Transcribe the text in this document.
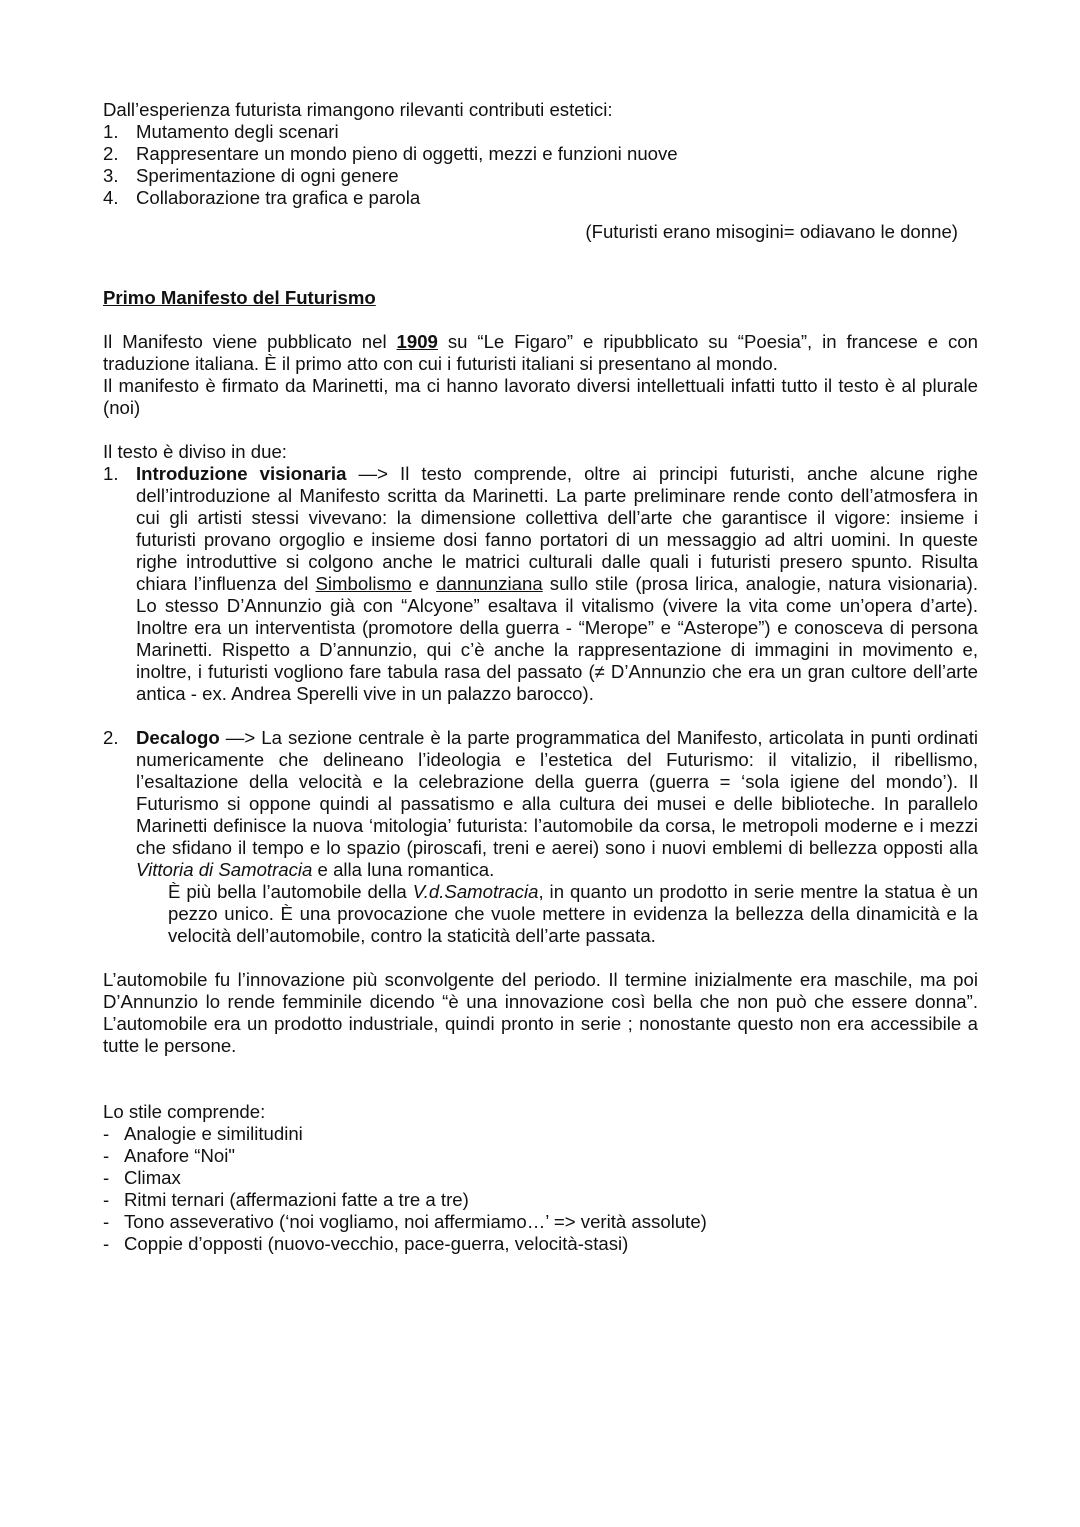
Dall’esperienza futurista rimangono rilevanti contributi estetici:

1. Mutamento degli scenari
2. Rappresentare un mondo pieno di oggetti, mezzi e funzioni nuove
3. Sperimentazione di ogni genere
4. Collaborazione tra grafica e parola

(Futuristi erano misogini= odiavano le donne)

Primo Manifesto del Futurismo

Il Manifesto viene pubblicato nel 1909 su “Le Figaro” e ripubblicato su “Poesia”, in francese e con traduzione italiana. È il primo atto con cui i futuristi italiani si presentano al mondo.
Il manifesto è firmato da Marinetti, ma ci hanno lavorato diversi intellettuali infatti tutto il testo è al plurale (noi)

Il testo è diviso in due:

1. Introduzione visionaria —> Il testo comprende, oltre ai principi futuristi, anche alcune righe dell’introduzione al Manifesto scritta da Marinetti. La parte preliminare rende conto dell’atmosfera in cui gli artisti stessi vivevano: la dimensione collettiva dell’arte che garantisce il vigore: insieme i futuristi provano orgoglio e insieme dosi fanno portatori di un messaggio ad altri uomini. In queste righe introduttive si colgono anche le matrici culturali dalle quali i futuristi presero spunto. Risulta chiara l’influenza del Simbolismo e dannunziana sullo stile (prosa lirica, analogie, natura visionaria). Lo stesso D’Annunzio già con “Alcyone” esaltava il vitalismo (vivere la vita come un’opera d’arte). Inoltre era un interventista (promotore della guerra - “Merope” e “Asterope”) e conosceva di persona Marinetti. Rispetto a D’annunzio, qui c’è anche la rappresentazione di immagini in movimento e, inoltre, i futuristi vogliono fare tabula rasa del passato (≠ D’Annunzio che era un gran cultore dell’arte antica - ex. Andrea Sperelli vive in un palazzo barocco).
2. Decalogo —> La sezione centrale è la parte programmatica del Manifesto, articolata in punti ordinati numericamente che delineano l’ideologia e l’estetica del Futurismo: il vitalizio, il ribellismo, l’esaltazione della velocità e la celebrazione della guerra (guerra = ‘sola igiene del mondo’). Il Futurismo si oppone quindi al passatismo e alla cultura dei musei e delle biblioteche. In parallelo Marinetti definisce la nuova ‘mitologia’ futurista: l’automobile da corsa, le metropoli moderne e i mezzi che sfidano il tempo e lo spazio (piroscafi, treni e aerei) sono i nuovi emblemi di bellezza opposti alla Vittoria di Samotracia e alla luna romantica.
È più bella l’automobile della V.d.Samotracia, in quanto un prodotto in serie mentre la statua è un pezzo unico. È una provocazione che vuole mettere in evidenza la bellezza della dinamicità e la velocità dell’automobile, contro la staticità dell’arte passata.

L’automobile fu l’innovazione più sconvolgente del periodo. Il termine inizialmente era maschile, ma poi D’Annunzio lo rende femminile dicendo “è una innovazione così bella che non può che essere donna”. L’automobile era un prodotto industriale, quindi pronto in serie ; nonostante questo non era accessibile a tutte le persone.

Lo stile comprende:

- Analogie e similitudini
- Anafore “Noi"
- Climax
- Ritmi ternari (affermazioni fatte a tre a tre)
- Tono asseverativo (‘noi vogliamo, noi affermiamo…’ => verità assolute)
- Coppie d’opposti (nuovo-vecchio, pace-guerra, velocità-stasi)
